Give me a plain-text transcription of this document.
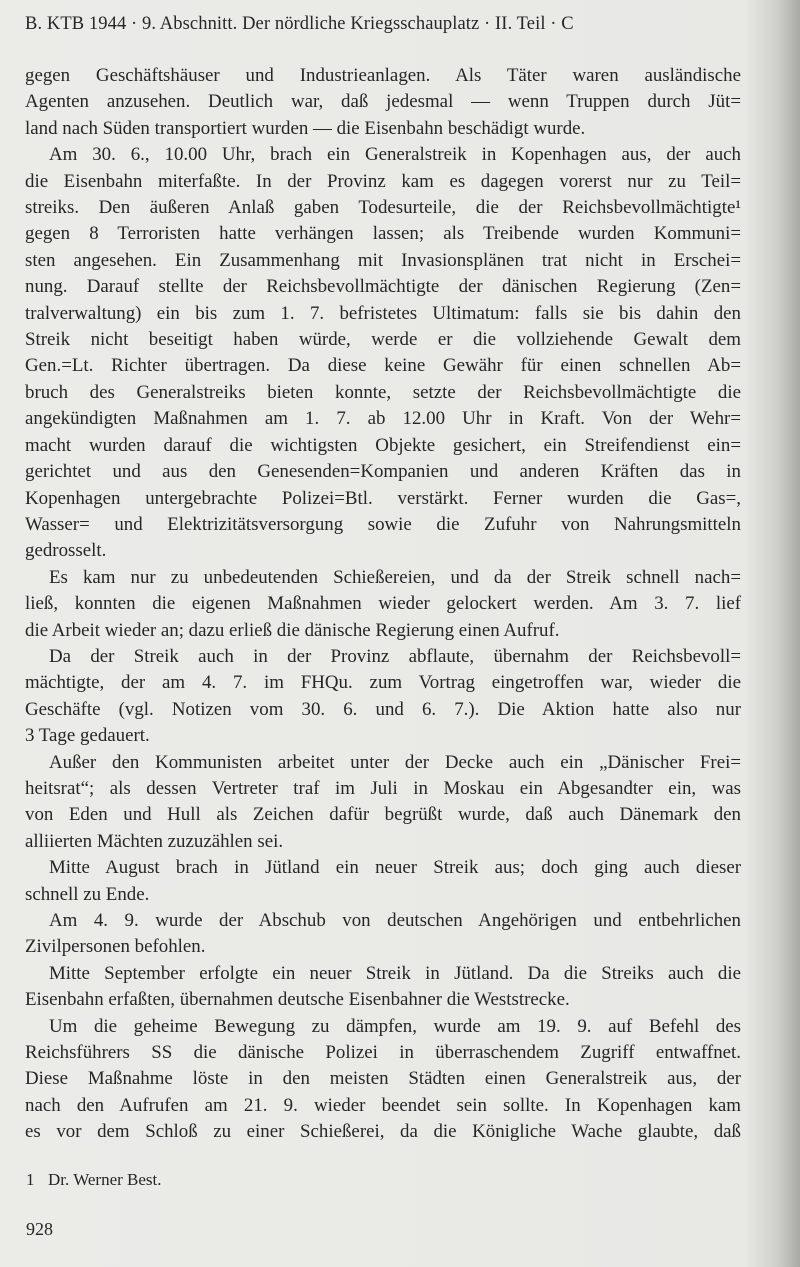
B. KTB 1944 · 9. Abschnitt. Der nördliche Kriegsschauplatz · II. Teil · C
gegen Geschäftshäuser und Industrieanlagen. Als Täter waren ausländische
Agenten anzusehen. Deutlich war, daß jedesmal — wenn Truppen durch Jüt=
land nach Süden transportiert wurden — die Eisenbahn beschädigt wurde.
Am 30. 6., 10.00 Uhr, brach ein Generalstreik in Kopenhagen aus, der auch
die Eisenbahn miterfaßte. In der Provinz kam es dagegen vorerst nur zu Teil=
streiks. Den äußeren Anlaß gaben Todesurteile, die der Reichsbevollmächtigte¹
gegen 8 Terroristen hatte verhängen lassen; als Treibende wurden Kommuni=
sten angesehen. Ein Zusammenhang mit Invasionsplänen trat nicht in Erschei=
nung. Darauf stellte der Reichsbevollmächtigte der dänischen Regierung (Zen=
tralverwaltung) ein bis zum 1. 7. befristetes Ultimatum: falls sie bis dahin den
Streik nicht beseitigt haben würde, werde er die vollziehende Gewalt dem
Gen.=Lt. Richter übertragen. Da diese keine Gewähr für einen schnellen Ab=
bruch des Generalstreiks bieten konnte, setzte der Reichsbevollmächtigte die
angekündigten Maßnahmen am 1. 7. ab 12.00 Uhr in Kraft. Von der Wehr=
macht wurden darauf die wichtigsten Objekte gesichert, ein Streifendienst ein=
gerichtet und aus den Genesenden=Kompanien und anderen Kräften das in
Kopenhagen untergebrachte Polizei=Btl. verstärkt. Ferner wurden die Gas=,
Wasser= und Elektrizitätsversorgung sowie die Zufuhr von Nahrungsmitteln
gedrosselt.
Es kam nur zu unbedeutenden Schießereien, und da der Streik schnell nach=
ließ, konnten die eigenen Maßnahmen wieder gelockert werden. Am 3. 7. lief
die Arbeit wieder an; dazu erließ die dänische Regierung einen Aufruf.
Da der Streik auch in der Provinz abflaute, übernahm der Reichsbevoll=
mächtigte, der am 4. 7. im FHQu. zum Vortrag eingetroffen war, wieder die
Geschäfte (vgl. Notizen vom 30. 6. und 6. 7.). Die Aktion hatte also nur
3 Tage gedauert.
Außer den Kommunisten arbeitet unter der Decke auch ein „Dänischer Frei=
heitsrat“; als dessen Vertreter traf im Juli in Moskau ein Abgesandter ein, was
von Eden und Hull als Zeichen dafür begrüßt wurde, daß auch Dänemark den
alliierten Mächten zuzuzählen sei.
Mitte August brach in Jütland ein neuer Streik aus; doch ging auch dieser
schnell zu Ende.
Am 4. 9. wurde der Abschub von deutschen Angehörigen und entbehrlichen
Zivilpersonen befohlen.
Mitte September erfolgte ein neuer Streik in Jütland. Da die Streiks auch die
Eisenbahn erfaßten, übernahmen deutsche Eisenbahner die Weststrecke.
Um die geheime Bewegung zu dämpfen, wurde am 19. 9. auf Befehl des
Reichsführers SS die dänische Polizei in überraschendem Zugriff entwaffnet.
Diese Maßnahme löste in den meisten Städten einen Generalstreik aus, der
nach den Aufrufen am 21. 9. wieder beendet sein sollte. In Kopenhagen kam
es vor dem Schloß zu einer Schießerei, da die Königliche Wache glaubte, daß
1 Dr. Werner Best.
928
